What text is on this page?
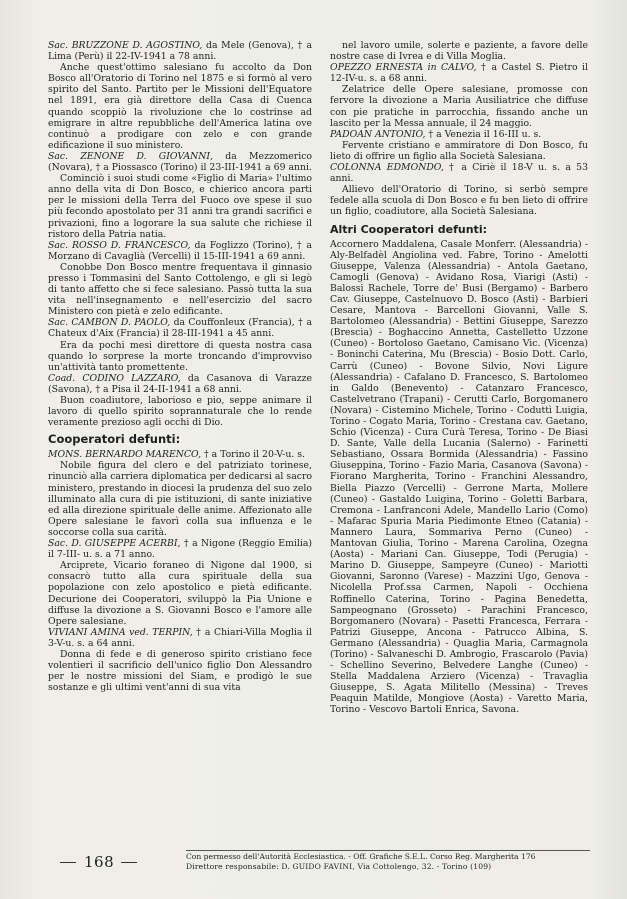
Sac. BRUZZONE D. AGOSTINO, da Mele (Genova), † a Lima (Perù) il 22-IV-1941 a 78 anni.

Anche quest'ottimo salesiano fu accolto da Don Bosco all'Oratorio di Torino nel 1875 e si formò al vero spirito del Santo. Partito per le Missioni dell'Equatore nel 1891, era già direttore della Casa di Cuenca quando scoppiò la rivoluzione che lo costrinse ad emigrare in altre repubbliche dell'America latina ove continuò a prodigare con zelo e con grande edificazione il suo ministero.

Sac. ZENONE D. GIOVANNI, da Mezzomerico (Novara), † a Piossasco (Torino) il 23-III-1941 a 69 anni.

Cominciò i suoi studi come «Figlio di Maria» l'ultimo anno della vita di Don Bosco, e chierico ancora parti per le missioni della Terra del Fuoco ove spese il suo più fecondo apostolato per 31 anni tra grandi sacrifici e privazioni, fino a logorare la sua salute che richiese il ristoro della Patria natia.

Sac. ROSSO D. FRANCESCO, da Foglizzo (Torino), † a Morzano di Cavaglià (Vercelli) il 15-III-1941 a 69 anni.

Conobbe Don Bosco mentre frequentava il ginnasio presso i Tommasini del Santo Cottolengo, e gli si legò di tanto affetto che si fece salesiano. Passò tutta la sua vita nell'insegnamento e nell'esercizio del sacro Ministero con pietà e zelo edificante.

Sac. CAMBON D. PAOLO, da Couffonleux (Francia), † a Chateux d'Aix (Francia) il 28-III-1941 a 45 anni.

Era da pochi mesi direttore di questa nostra casa quando lo sorprese la morte troncando d'improvviso un'attività tanto promettente.

Coad. CODINO LAZZARO, da Casanova di Varazze (Savona), † a Pisa il 24-II-1941 a 68 anni.

Buon coadiutore, laborioso e pio, seppe animare il lavoro di quello spirito soprannaturale che lo rende veramente prezioso agli occhi di Dio.

Cooperatori defunti:

MONS. BERNARDO MARENCO, † a Torino il 20-V-u. s.

Nobile figura del clero e del patriziato torinese, rinunciò alla carriera diplomatica per dedicarsi al sacro ministero, prestando in diocesi la prudenza del suo zelo illuminato alla cura di pie istituzioni, di sante iniziative ed alla direzione spirituale delle anime. Affezionato alle Opere salesiane le favorì colla sua influenza e le soccorse colla sua carità.

Sac. D. GIUSEPPE ACERBI, † a Nigone (Reggio Emilia) il 7-III- u. s. a 71 anno.

Arciprete, Vicario foraneo di Nigone dal 1900, si consacrò tutto alla cura spirituale della sua popolazione con zelo apostolico e pietà edificante. Decurione dei Cooperatori, sviluppò la Pia Unione e diffuse la divozione a S. Giovanni Bosco e l'amore alle Opere salesiane.

VIVIANI AMINA ved. TERPIN, † a Chiari-Villa Moglia il 3-V-u. s. a 64 anni.

Donna di fede e di generoso spirito cristiano fece volentieri il sacrificio dell'unico figlio Don Alessandro per le nostre missioni del Siam, e prodigò le sue sostanze e gli ultimi vent'anni di sua vita

nel lavoro umile, solerte e paziente, a favore delle nostre case di Ivrea e di Villa Moglia.

OPEZZO ERNESTA in CALVO, † a Castel S. Pietro il 12-IV-u. s. a 68 anni.

Zelatrice delle Opere salesiane, promosse con fervore la divozione a Maria Ausiliatrice che diffuse con pie pratiche in parrocchia, fissando anche un lascito per la Messa annuale, il 24 maggio.

PADOAN ANTONIO, † a Venezia il 16-III u. s.

Fervente cristiano e ammiratore di Don Bosco, fu lieto di offrire un figlio alla Società Salesiana.

COLONNA EDMONDO, † a Ciriè il 18-V u. s. a 53 anni.

Allievo dell'Oratorio di Torino, si serbò sempre fedele alla scuola di Don Bosco e fu ben lieto di offrire un figlio, coadiutore, alla Società Salesiana.

Altri Cooperatori defunti:

Accornero Maddalena, Casale Monferr. (Alessandria) - Aly-Belfadèl Angiolina ved. Fabre, Torino - Amelotti Giuseppe, Valenza (Alessandria) - Antola Gaetano, Camogli (Genova) - Avidano Rosa, Viarigi (Asti) - Balossi Rachele, Torre de' Busi (Bergamo) - Barbero Cav. Giuseppe, Castelnuovo D. Bosco (Asti) - Barbieri Cesare, Mantova - Barcelloni Giovanni, Valle S. Bartolomeo (Alessandria) - Bettini Giuseppe, Sarezzo (Brescia) - Boghaccino Annetta, Castelletto Uzzone (Cuneo) - Bortoloso Gaetano, Camisano Vic. (Vicenza) - Boninchi Caterina, Mu (Brescia) - Bosio Dott. Carlo, Carrù (Cuneo) - Bovone Silvio, Novi Ligure (Alessandria) - Cafalano D. Francesco, S. Bartolomeo in Galdo (Benevento) - Catanzaro Francesco, Castelvetrano (Trapani) - Cerutti Carlo, Borgomanero (Novara) - Cistemino Michele, Torino - Coduttì Luigia, Torino - Cogato Maria, Torino - Crestana cav. Gaetano, Schio (Vicenza) - Cura Curà Teresa, Torino - De Biasi D. Sante, Valle della Lucania (Salerno) - Farinetti Sebastiano, Ossara Bormida (Alessandria) - Fassino Giuseppina, Torino - Fazio Maria, Casanova (Savona) - Fiorano Margherita, Torino - Franchini Alessandro, Biella Piazzo (Vercelli) - Gerrone Marta, Mollere (Cuneo) - Gastaldo Luigina, Torino - Goletti Barbara, Cremona - Lanfranconi Adele, Mandello Lario (Como) - Mafarac Spuria Maria Piedimonte Etneo (Catania) - Mannero Laura, Sommariva Perno (Cuneo) - Mantovan Giulia, Torino - Marena Carolina, Ozegna (Aosta) - Mariani Can. Giuseppe, Todi (Perugia) - Marino D. Giuseppe, Sampeyre (Cuneo) - Mariotti Giovanni, Saronno (Varese) - Mazzini Ugo, Genova - Nicolella Prof.ssa Carmen, Napoli - Occhiena Roffinello Caterina, Torino - Pagina Benedetta, Sampeognano (Grosseto) - Parachini Francesco, Borgomanero (Novara) - Pasetti Francesca, Ferrara - Patrizi Giuseppe, Ancona - Patrucco Albina, S. Germano (Alessandria) - Quaglia Maria, Carmagnola (Torino) - Salvaneschi D. Ambrogio, Frascarolo (Pavia) - Schellino Severino, Belvedere Langhe (Cuneo) - Stella Maddalena Arziero (Vicenza) - Travaglia Giuseppe, S. Agata Militello (Messina) - Treves Peaquin Matilde, Mongiove (Aosta) - Varetto Maria, Torino - Vescovo Bartoli Enrica, Savona.

168	Con permesso dell'Autorità Ecclesiastica. - Off. Grafiche S.E.L. Corso Reg. Margherita 176
Direttore responsabile: D. GUIDO FAVINI, Via Cottolengo, 32. - Torino (109)
